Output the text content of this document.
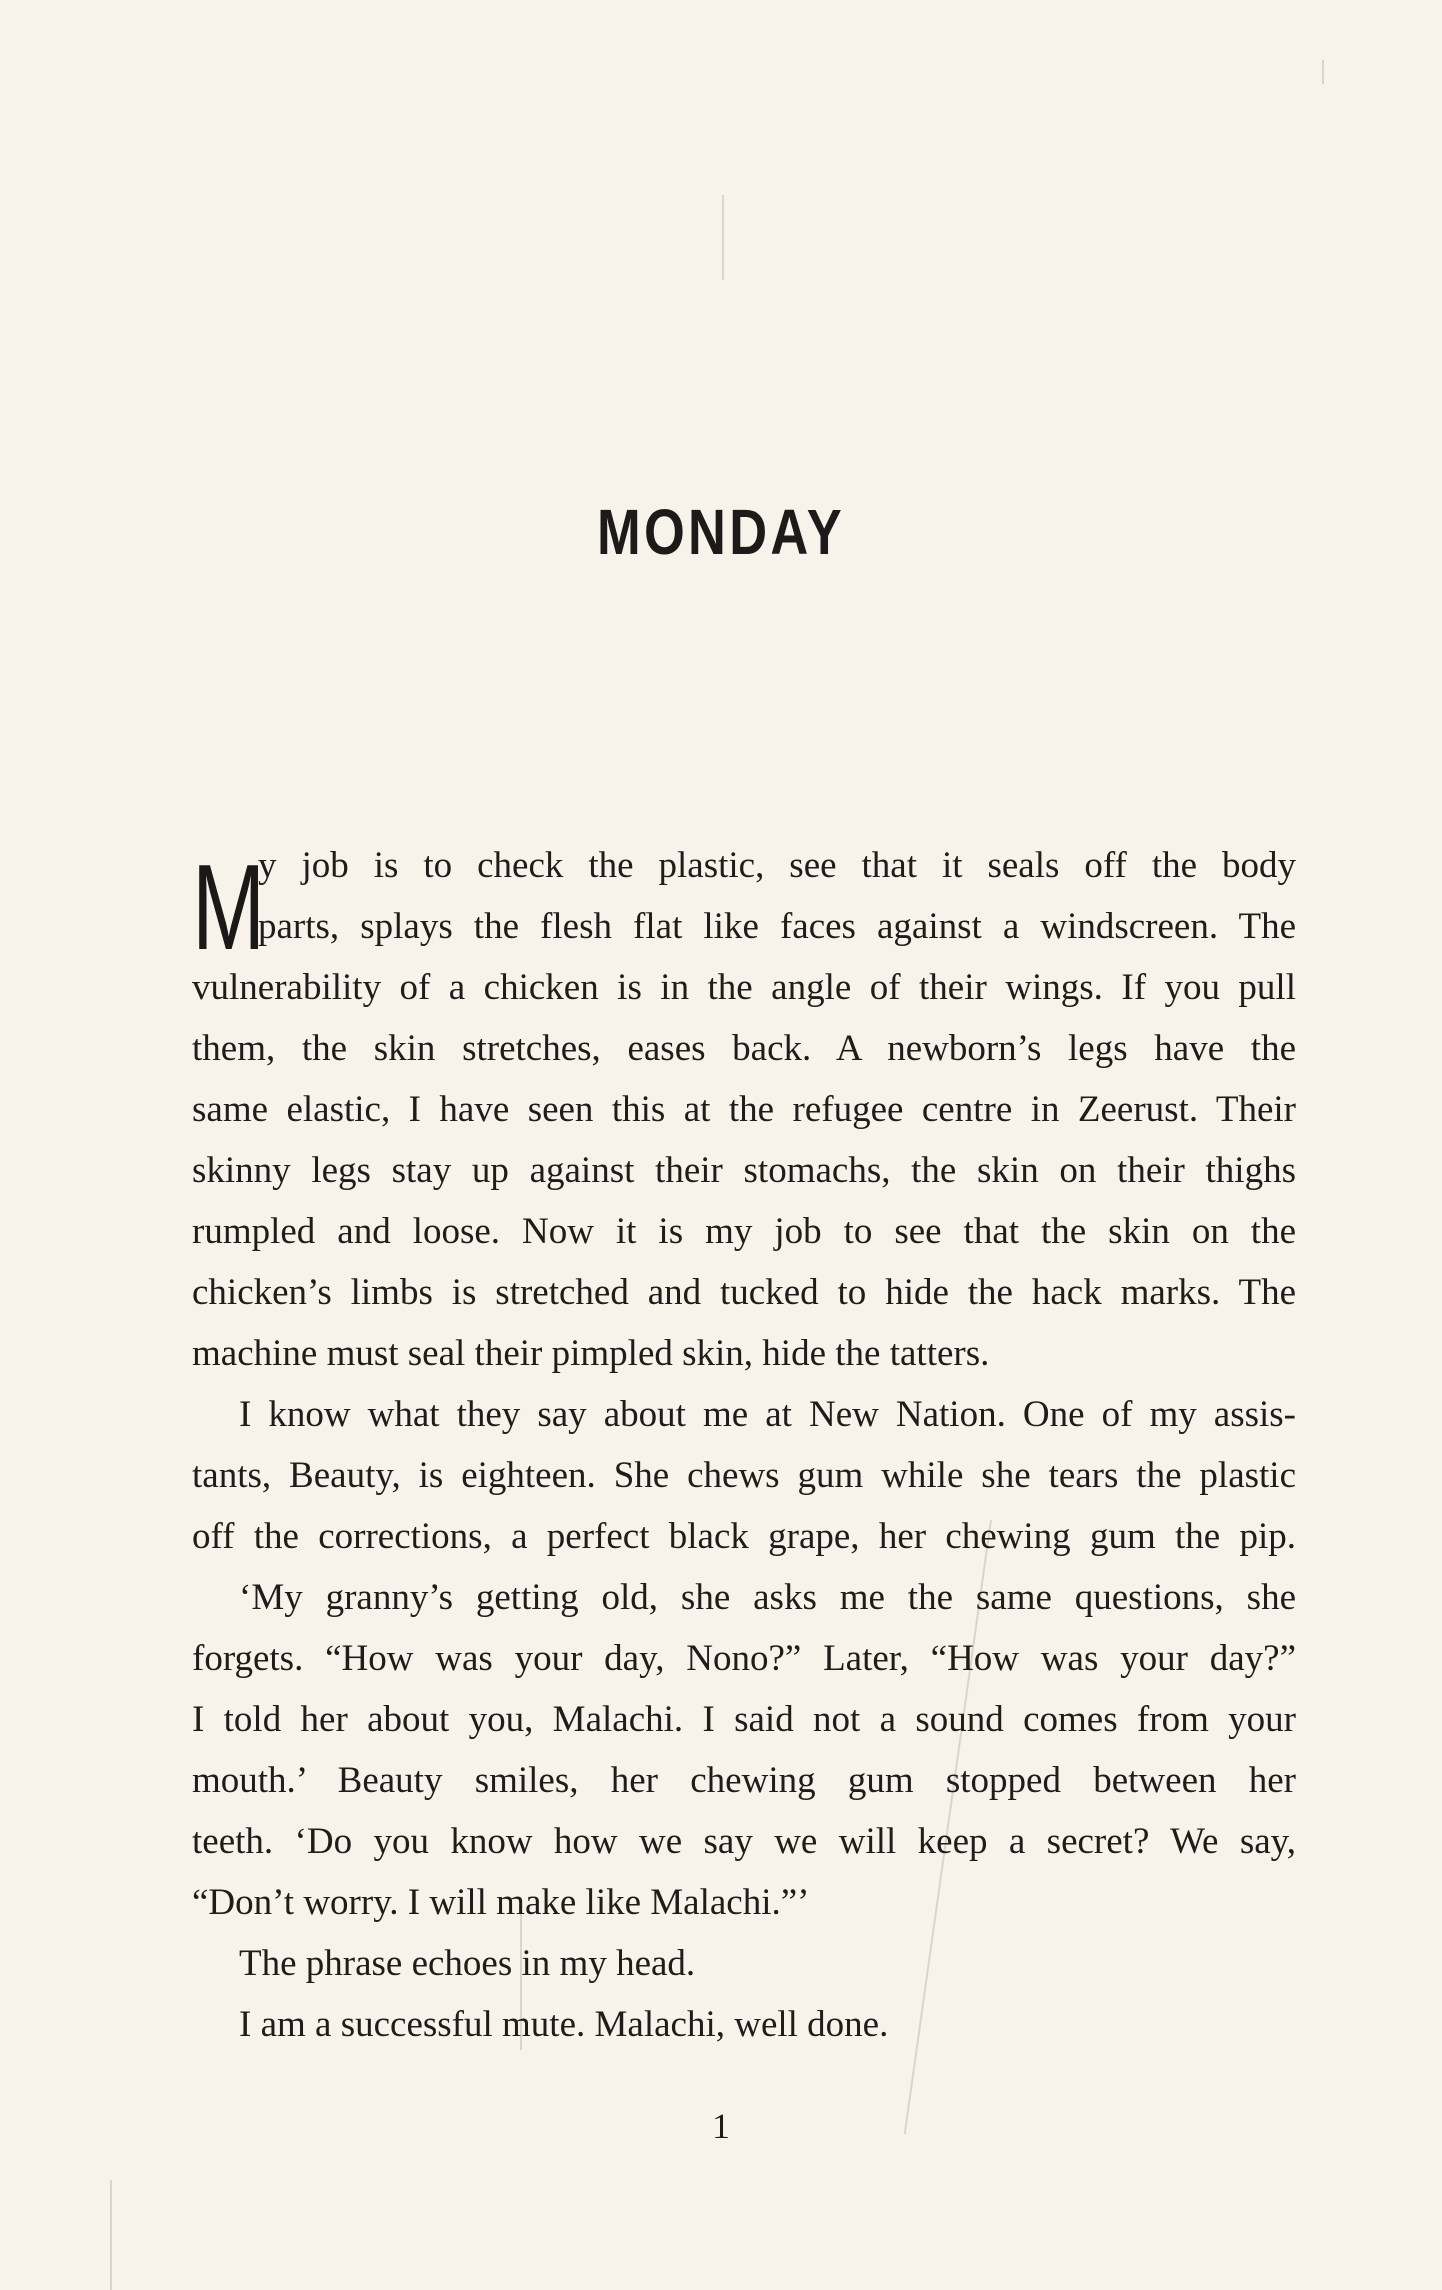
MONDAY
M
y job is to check the plastic, see that it seals off the body
parts, splays the flesh flat like faces against a windscreen. The
vulnerability of a chicken is in the angle of their wings. If you pull
them, the skin stretches, eases back. A newborn’s legs have the
same elastic, I have seen this at the refugee centre in Zeerust. Their
skinny legs stay up against their stomachs, the skin on their thighs
rumpled and loose. Now it is my job to see that the skin on the
chicken’s limbs is stretched and tucked to hide the hack marks. The
machine must seal their pimpled skin, hide the tatters.
I know what they say about me at New Nation. One of my assis-
tants, Beauty, is eighteen. She chews gum while she tears the plastic
off the corrections, a perfect black grape, her chewing gum the pip.
‘My granny’s getting old, she asks me the same questions, she
forgets. “How was your day, Nono?” Later, “How was your day?”
I told her about you, Malachi. I said not a sound comes from your
mouth.’ Beauty smiles, her chewing gum stopped between her
teeth. ‘Do you know how we say we will keep a secret? We say,
“Don’t worry. I will make like Malachi.”’
The phrase echoes in my head.
I am a successful mute. Malachi, well done.
1
